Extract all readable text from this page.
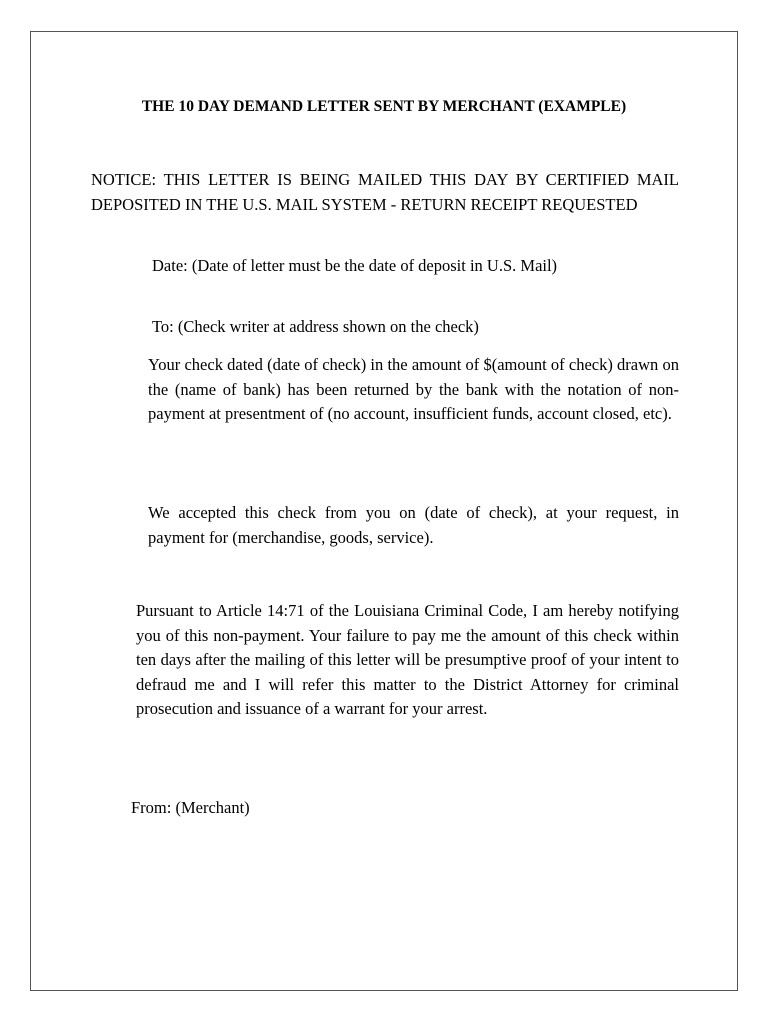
THE 10 DAY DEMAND LETTER SENT BY MERCHANT (EXAMPLE)

NOTICE: THIS LETTER IS BEING MAILED THIS DAY BY CERTIFIED MAIL DEPOSITED IN THE U.S. MAIL SYSTEM - RETURN RECEIPT REQUESTED

Date: (Date of letter must be the date of deposit in U.S. Mail)

To: (Check writer at address shown on the check)

Your check dated (date of check) in the amount of $(amount of check) drawn on the (name of bank) has been returned by the bank with the notation of non-payment at presentment of (no account, insufficient funds, account closed, etc).

We accepted this check from you on (date of check), at your request, in payment for (merchandise, goods, service).

Pursuant to Article 14:71 of the Louisiana Criminal Code, I am hereby notifying you of this non-payment. Your failure to pay me the amount of this check within ten days after the mailing of this letter will be presumptive proof of your intent to defraud me and I will refer this matter to the District Attorney for criminal prosecution and issuance of a warrant for your arrest.

From: (Merchant)
